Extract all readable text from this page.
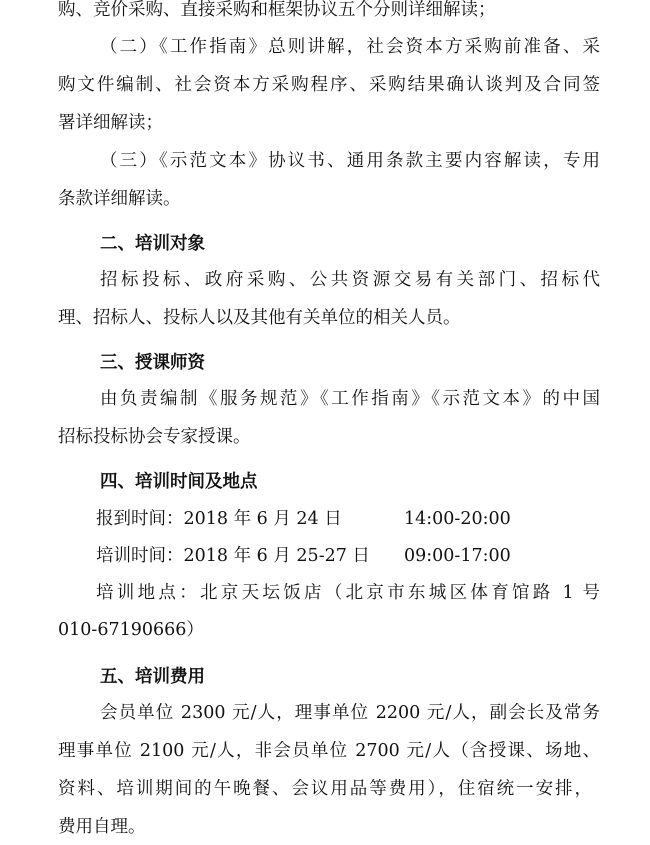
购、竞价采购、直接采购和框架协议五个分则详细解读；
（二）《工作指南》总则讲解，社会资本方采购前准备、采
购文件编制、社会资本方采购程序、采购结果确认谈判及合同签
署详细解读；
（三）《示范文本》协议书、通用条款主要内容解读，专用
条款详细解读。
二、培训对象
招标投标、政府采购、公共资源交易有关部门、招标代
理、招标人、投标人以及其他有关单位的相关人员。
三、授课师资
由负责编制《服务规范》《工作指南》《示范文本》的中国
招标投标协会专家授课。
四、培训时间及地点
报到时间：2018 年 6 月 24 日	14:00-20:00
培训时间：2018 年 6 月 25-27 日	09:00-17:00
培训地点：北京天坛饭店（北京市东城区体育馆路 1 号
010-67190666）
五、培训费用
会员单位 2300 元/人，理事单位 2200 元/人，副会长及常务
理事单位 2100 元/人，非会员单位 2700 元/人（含授课、场地、
资料、培训期间的午晚餐、会议用品等费用），住宿统一安排，
费用自理。
